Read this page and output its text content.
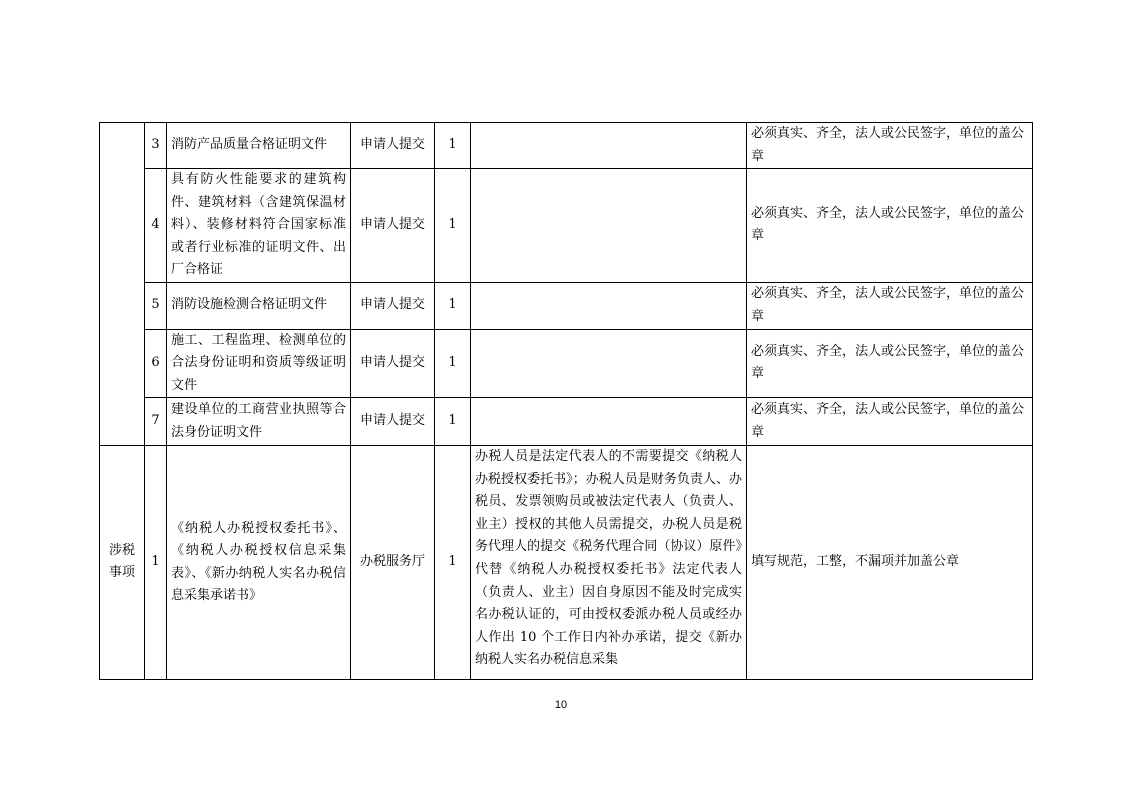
	3	消防产品质量合格证明文件	申请人提交	1		必须真实、齐全，法人或公民签字，单位的盖公章
	4	具有防火性能要求的建筑构件、建筑材料（含建筑保温材料）、装修材料符合国家标准或者行业标准的证明文件、出厂合格证	申请人提交	1		必须真实、齐全，法人或公民签字，单位的盖公章
	5	消防设施检测合格证明文件	申请人提交	1		必须真实、齐全，法人或公民签字，单位的盖公章
	6	施工、工程监理、检测单位的合法身份证明和资质等级证明文件	申请人提交	1		必须真实、齐全，法人或公民签字，单位的盖公章
	7	建设单位的工商营业执照等合法身份证明文件	申请人提交	1		必须真实、齐全，法人或公民签字，单位的盖公章
涉税事项	1	《纳税人办税授权委托书》、《纳税人办税授权信息采集表》、《新办纳税人实名办税信息采集承诺书》	办税服务厅	1	办税人员是法定代表人的不需要提交《纳税人办税授权委托书》；办税人员是财务负责人、办税员、发票领购员或被法定代表人（负责人、业主）授权的其他人员需提交，办税人员是税务代理人的提交《税务代理合同（协议）原件》代替《纳税人办税授权委托书》法定代表人（负责人、业主）因自身原因不能及时完成实名办税认证的，可由授权委派办税人员或经办人作出 10 个工作日内补办承诺，提交《新办纳税人实名办税信息采集	填写规范，工整，不漏项并加盖公章
10
